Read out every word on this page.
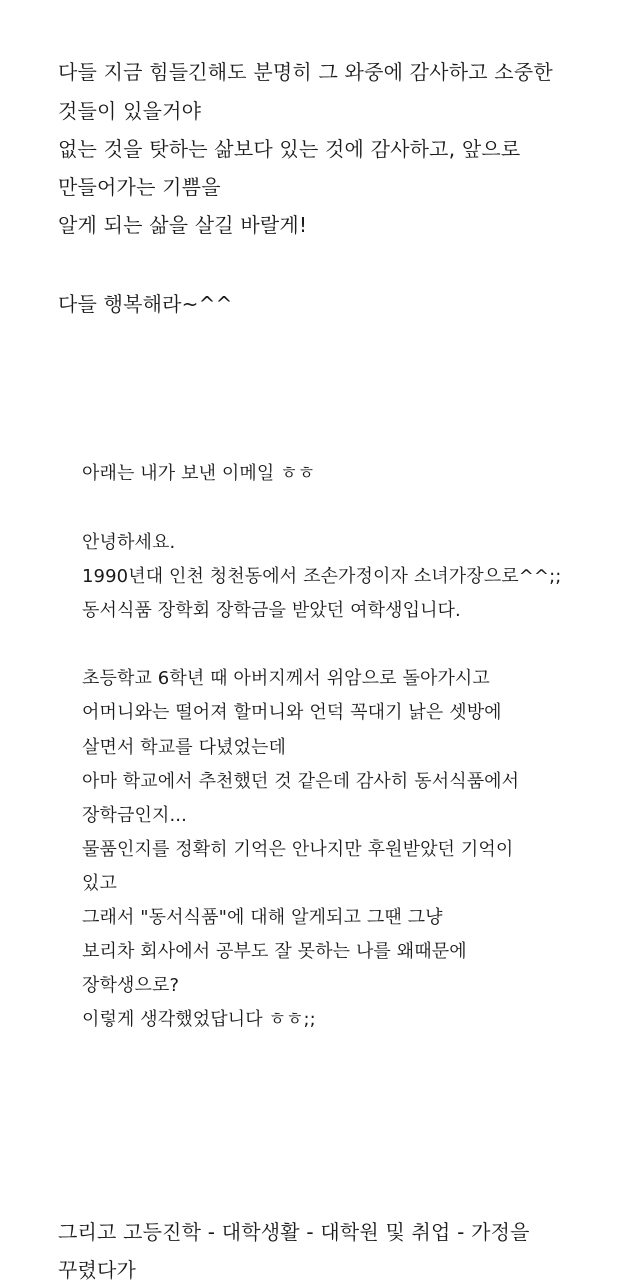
다들 지금 힘들긴해도 분명히 그 와중에 감사하고 소중한

것들이 있을거야

없는 것을 탓하는 삶보다 있는 것에 감사하고, 앞으로

만들어가는 기쁨을

알게 되는 삶을 살길 바랄게!

다들 행복해라~^^

아래는 내가 보낸 이메일 ㅎㅎ

안녕하세요.

1990년대 인천 청천동에서 조손가정이자 소녀가장으로^^;;

동서식품 장학회 장학금을 받았던 여학생입니다.

초등학교 6학년 때 아버지께서 위암으로 돌아가시고

어머니와는 떨어져 할머니와 언덕 꼭대기 낡은 셋방에

살면서 학교를 다녔었는데

아마 학교에서 추천했던 것 같은데 감사히 동서식품에서

장학금인지...

물품인지를 정확히 기억은 안나지만 후원받았던 기억이

있고

그래서 "동서식품"에 대해 알게되고 그땐 그냥

보리차 회사에서 공부도 잘 못하는 나를 왜때문에

장학생으로?

이렇게 생각했었답니다 ㅎㅎ;;

그리고 고등진학 - 대학생활 - 대학원 및 취업 - 가정을

꾸렸다가
